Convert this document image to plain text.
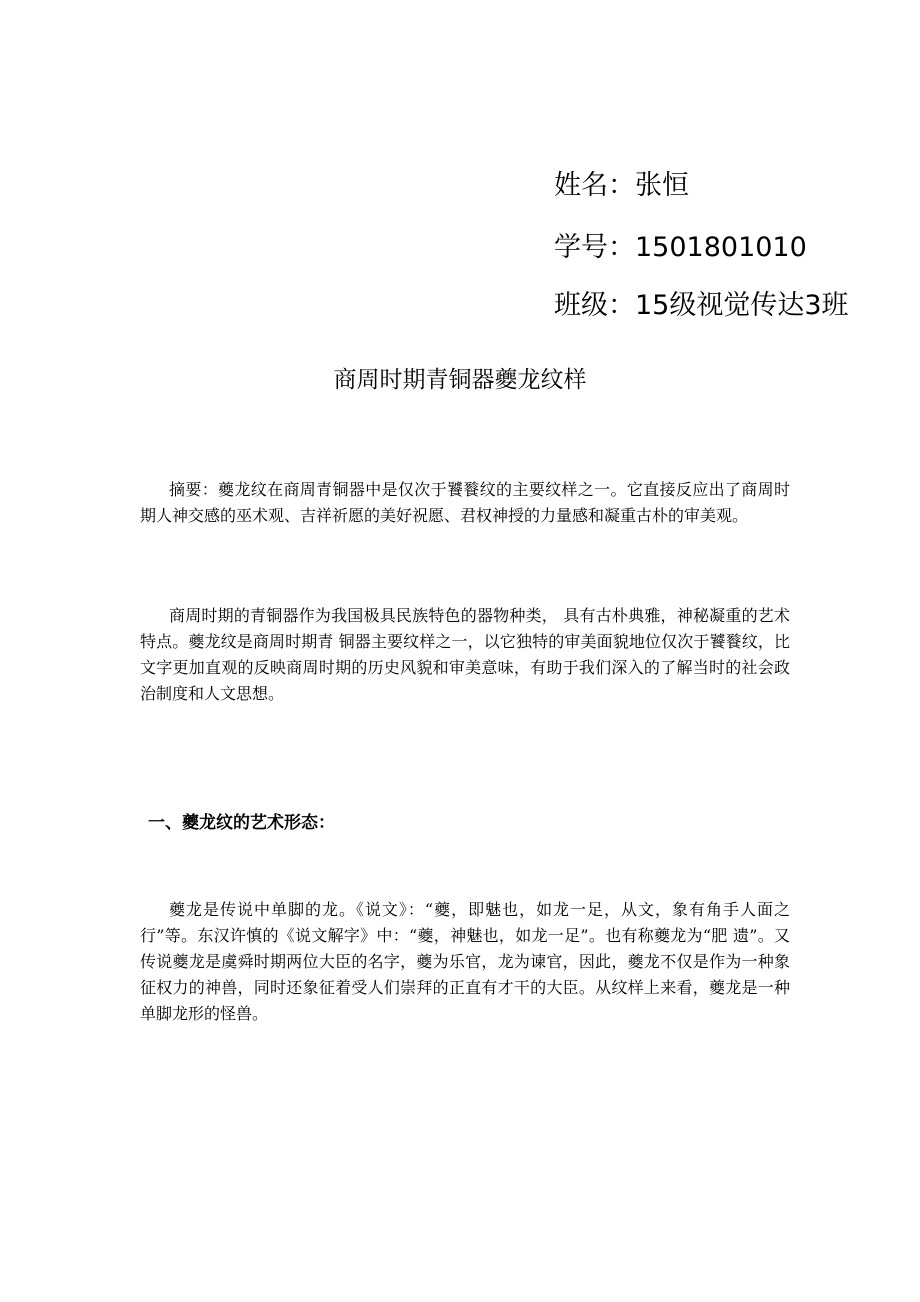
姓名：张恒
学号：1501801010
班级：15级视觉传达3班
商周时期青铜器夔龙纹样

摘要：夔龙纹在商周青铜器中是仅次于饕餮纹的主要纹样之一。它直接反应出了商周时期人神交感的巫术观、吉祥祈愿的美好祝愿、君权神授的力量感和凝重古朴的审美观。

商周时期的青铜器作为我国极具民族特色的器物种类， 具有古朴典雅，神秘凝重的艺术特点。夔龙纹是商周时期青 铜器主要纹样之一，以它独特的审美面貌地位仅次于饕餮纹，比文字更加直观的反映商周时期的历史风貌和审美意味，有助于我们深入的了解当时的社会政治制度和人文思想。

一、夔龙纹的艺术形态：

夔龙是传说中单脚的龙。《说文》：“夔，即魅也，如龙一足，从文，象有角手人面之行”等。东汉许慎的《说文解字》中：“夔，神魅也，如龙一足”。也有称夔龙为“肥 遗”。又传说夔龙是虞舜时期两位大臣的名字，夔为乐官，龙为谏官，因此，夔龙不仅是作为一种象征权力的神兽，同时还象征着受人们崇拜的正直有才干的大臣。从纹样上来看，夔龙是一种单脚龙形的怪兽。
